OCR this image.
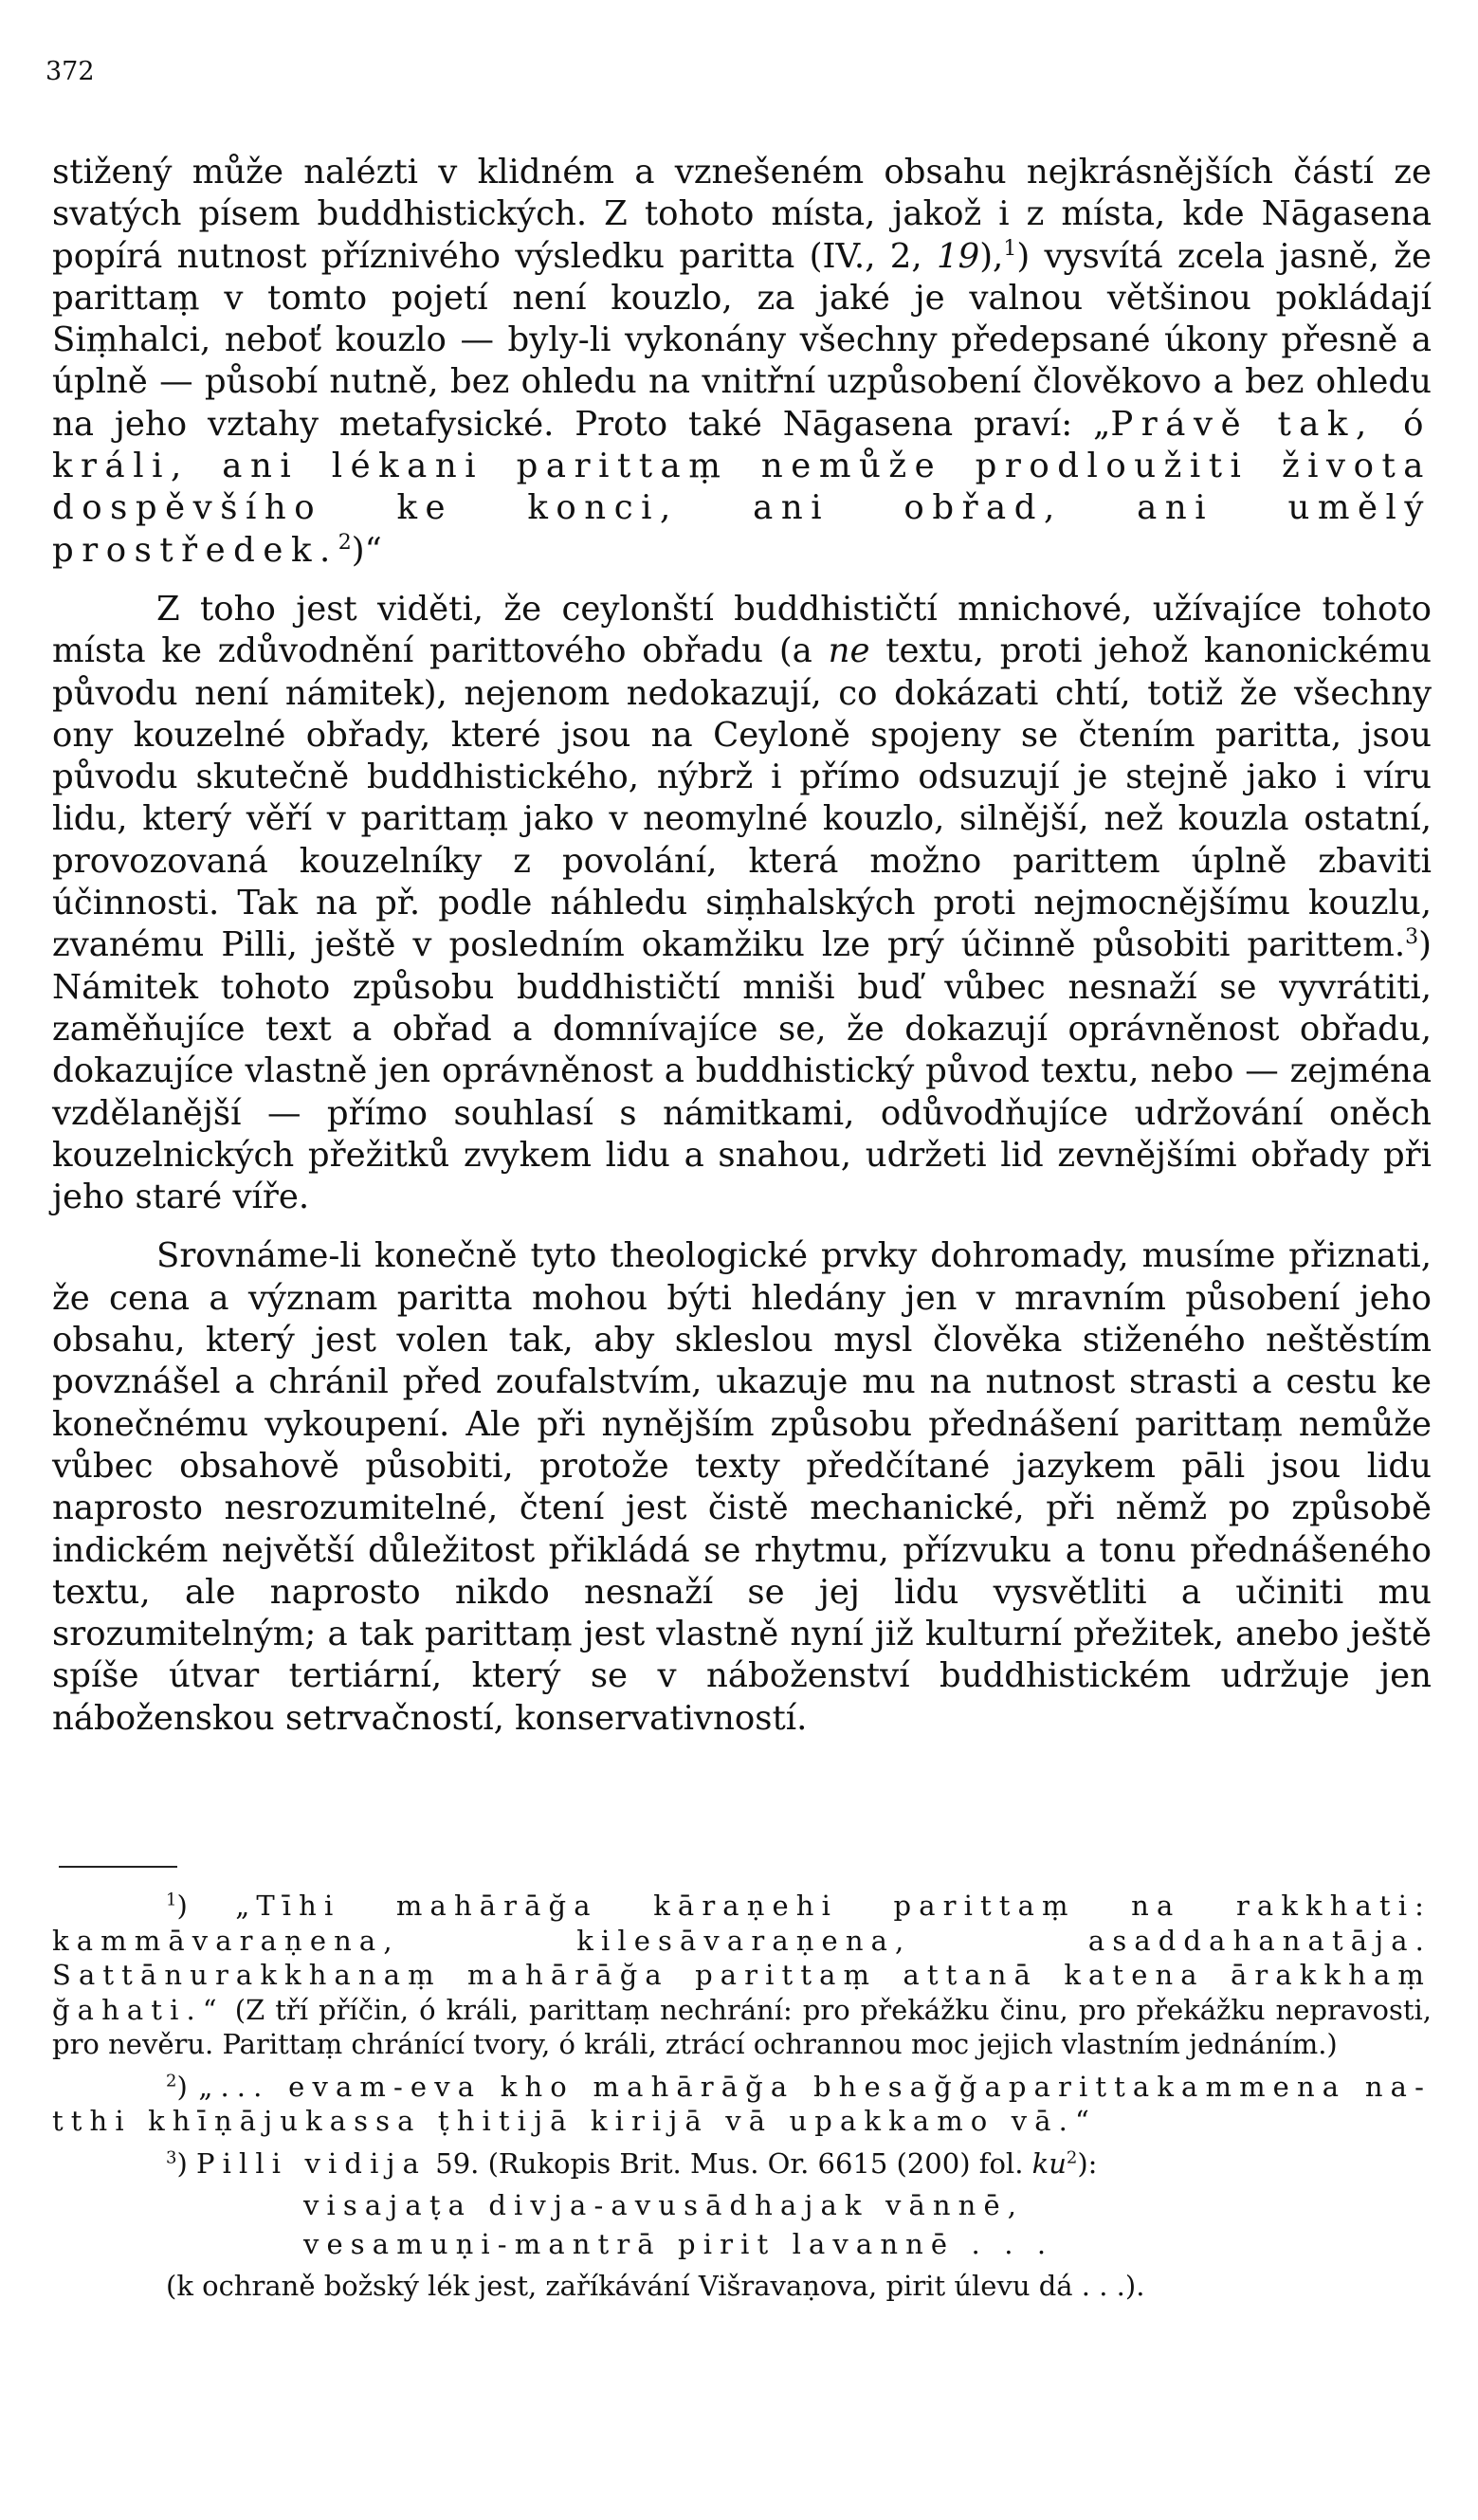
372

stižený může nalézti v klidném a vznešeném obsahu nejkrásnějších částí ze svatých písem buddhistických. Z tohoto místa, jakož i z místa, kde Nāgasena popírá nutnost příznivého výsledku paritta (IV., 2, 19),$^1$) vysvítá zcela jasně, že parittaṃ v tomto pojetí není kouzlo, za jaké je valnou většinou pokládají Siṃhalci, neboť kouzlo — byly-li vykonány všechny předepsané úkony přesně a úplně — působí nutně, bez ohledu na vnitřní uzpůsobení člověkovo a bez ohledu na jeho vztahy metafysické. Proto také Nāgasena praví: „Právě tak, ó králi, ani lékani parittaṃ nemůže prodloužiti života dospěvšího ke konci, ani obřad, ani umělý prostředek.$^2$)“

Z toho jest viděti, že ceylonští buddhističtí mnichové, užívajíce tohoto místa ke zdůvodnění parittového obřadu (a ne textu, proti jehož kanonickému původu není námitek), nejenom nedokazují, co dokázati chtí, totiž že všechny ony kouzelné obřady, které jsou na Ceyloně spojeny se čtením paritta, jsou původu skutečně buddhistického, nýbrž i přímo odsuzují je stejně jako i víru lidu, který věří v parittaṃ jako v neomylné kouzlo, silnější, než kouzla ostatní, provozovaná kouzelníky z povolání, která možno parittem úplně zbaviti účinnosti. Tak na př. podle náhledu siṃhalských proti nejmocnějšímu kouzlu, zvanému Pilli, ještě v posledním okamžiku lze prý účinně působiti parittem.$^3$) Námitek tohoto způsobu buddhističtí mniši buď vůbec nesnaží se vyvrátiti, zaměňujíce text a obřad a domnívajíce se, že dokazují oprávněnost obřadu, dokazujíce vlastně jen oprávněnost a buddhistický původ textu, nebo — zejména vzdělanější — přímo souhlasí s námitkami, odůvodňujíce udržování oněch kouzelnických přežitků zvykem lidu a snahou, udržeti lid zevnějšími obřady při jeho staré víře.

Srovnáme-li konečně tyto theologické prvky dohromady, musíme přiznati, že cena a význam paritta mohou býti hledány jen v mravním působení jeho obsahu, který jest volen tak, aby skleslou mysl člověka stiženého neštěstím povznášel a chránil před zoufalstvím, ukazuje mu na nutnost strasti a cestu ke konečnému vykoupení. Ale při nynějším způsobu přednášení parittaṃ nemůže vůbec obsahově působiti, protože texty předčítané jazykem pāli jsou lidu naprosto nesrozumitelné, čtení jest čistě mechanické, při němž po způsobě indickém největší důležitost přikládá se rhytmu, přízvuku a tonu přednášeného textu, ale naprosto nikdo nesnaží se jej lidu vysvětliti a učiniti mu srozumitelným; a tak parittaṃ jest vlastně nyní již kulturní přežitek, anebo ještě spíše útvar tertiární, který se v náboženství buddhistickém udržuje jen náboženskou setrvačností, konservativností.

$^1$) „Tīhi mahārāğa kāraṇehi parittaṃ na rakkhati: kammāvaraṇena, kilesāvaraṇena, asaddahanatāja. Sattānurakkhanaṃ mahārāğa parittaṃ attanā katena ārakkhaṃ ğahati.“ (Z tří příčin, ó králi, parittaṃ nechrání: pro překážku činu, pro překážku nepravosti, pro nevěru. Parittaṃ chránící tvory, ó králi, ztrácí ochrannou moc jejich vlastním jednáním.)

$^2$) „... evam-eva kho mahārāğa bhesağğaparittakammena na-tthi khīṇājukassa ṭhitijā kirijā vā upakkamo vā.“

$^3$) Pilli vidija 59. (Rukopis Brit. Mus. Or. 6615 (200) fol. $ku^2$):

visajaṭa divja-avusādhajak vānnē,

vesamuṇi-mantrā pirit lavannē . . .

(k ochraně božský lék jest, zaříkávání Višravaṇova, pirit úlevu dá . . .).
